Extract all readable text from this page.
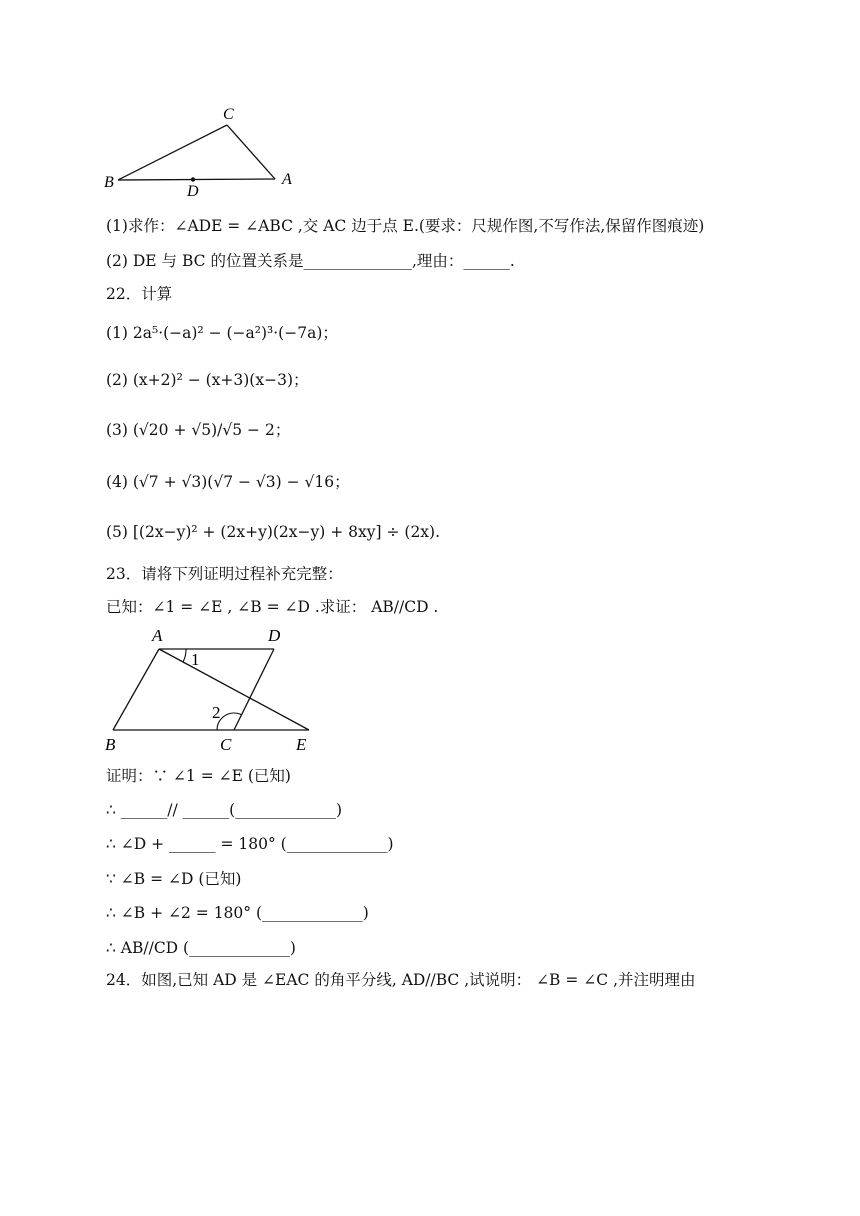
C
B	A
D
(1)求作：∠ADE = ∠ABC ,交 AC 边于点 E.(要求：尺规作图,不写作法,保留作图痕迹)
(2) DE 与 BC 的位置关系是______________,理由：______.
22．计算
(1) 2a⁵·(−a)² − (−a²)³·(−7a)；
(2) (x+2)² − (x+3)(x−3)；
(3) (√20 + √5)/√5 − 2；
(4) (√7 + √3)(√7 − √3) − √16；
(5) [(2x−y)² + (2x+y)(2x−y) + 8xy] ÷ (2x).
23．请将下列证明过程补充完整：
已知：∠1 = ∠E , ∠B = ∠D .求证： AB//CD .
A	D
1
2
B	C	E
证明：∵ ∠1 = ∠E (已知)
∴ ______// ______(_____________)
∴ ∠D + ______ = 180° (_____________)
∵ ∠B = ∠D (已知)
∴ ∠B + ∠2 = 180° (_____________)
∴ AB//CD (_____________)
24．如图,已知 AD 是 ∠EAC 的角平分线, AD//BC ,试说明： ∠B = ∠C ,并注明理由
